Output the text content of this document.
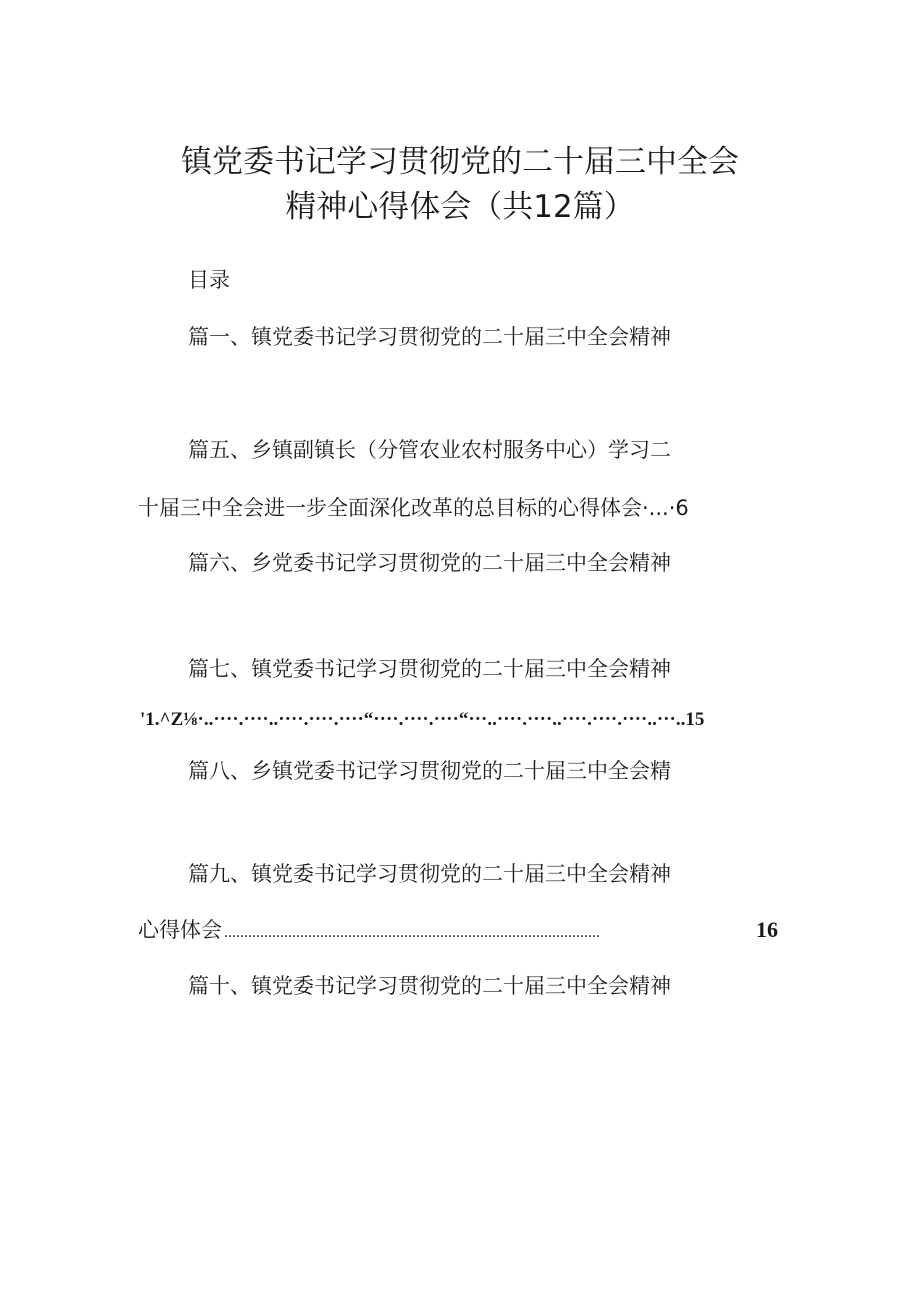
镇党委书记学习贯彻党的二十届三中全会
精神心得体会（共12篇）
目录
篇一、镇党委书记学习贯彻党的二十届三中全会精神
篇五、乡镇副镇长（分管农业农村服务中心）学习二
十届三中全会进一步全面深化改革的总目标的心得体会·...·6
篇六、乡党委书记学习贯彻党的二十届三中全会精神
篇七、镇党委书记学习贯彻党的二十届三中全会精神
'1.^Z⅛·..····.····..····.····.····“····.····.····“···..····.····..····.····.····..···..15
篇八、乡镇党委书记学习贯彻党的二十届三中全会精
篇九、镇党委书记学习贯彻党的二十届三中全会精神
心得体会 ..............................................................................................	16
篇十、镇党委书记学习贯彻党的二十届三中全会精神
